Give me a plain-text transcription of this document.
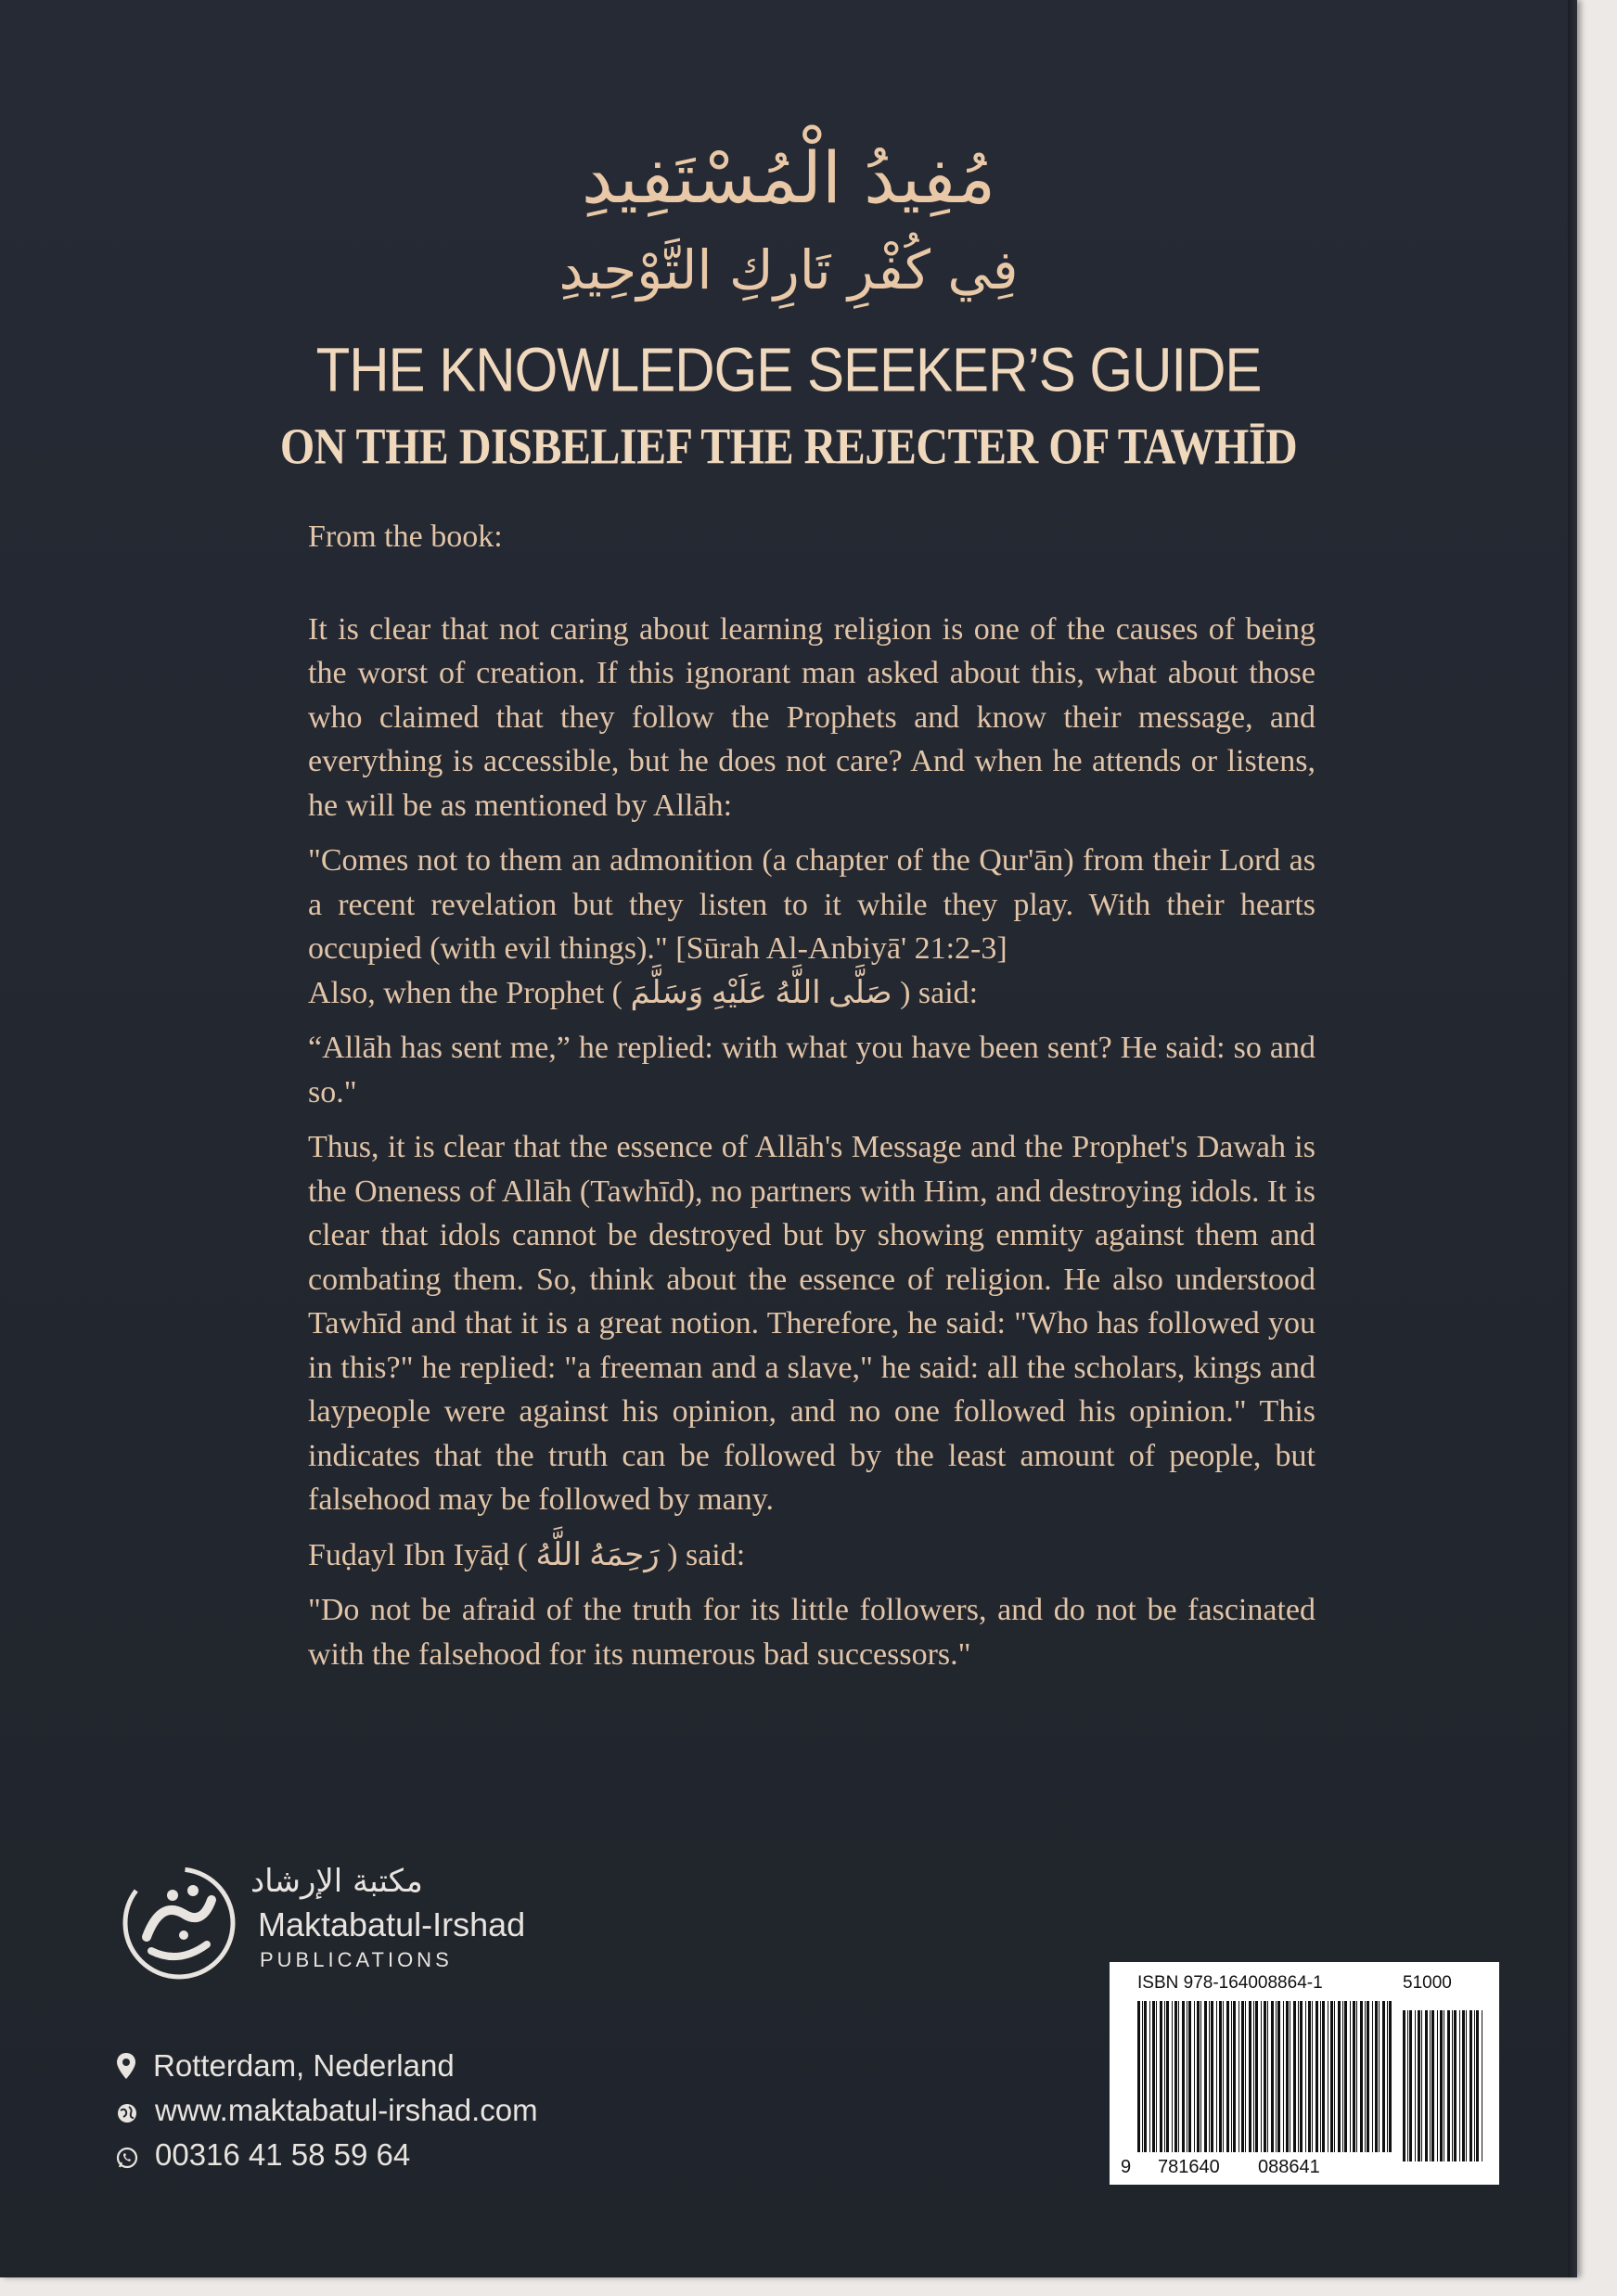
مُفِيدُ الْمُسْتَفِيدِ
فِي كُفْرِ تَارِكِ التَّوْحِيدِ
THE KNOWLEDGE SEEKER’S GUIDE
ON THE DISBELIEF THE REJECTER OF TAWHĪD

From the book:

It is clear that not caring about learning religion is one of the causes of being the worst of creation. If this ignorant man asked about this, what about those who claimed that they follow the Prophets and know their message, and everything is accessible, but he does not care? And when he attends or listens, he will be as mentioned by Allāh:

"Comes not to them an admonition (a chapter of the Qur'ān) from their Lord as a recent revelation but they listen to it while they play. With their hearts occupied (with evil things)." [Sūrah Al-Anbiyā' 21:2-3]

Also, when the Prophet ( صَلَّى اللَّهُ عَلَيْهِ وَسَلَّمَ ) said:

“Allāh has sent me,” he replied: with what you have been sent? He said: so and so."

Thus, it is clear that the essence of Allāh's Message and the Prophet's Dawah is the Oneness of Allāh (Tawhīd), no partners with Him, and destroying idols. It is clear that idols cannot be destroyed but by showing enmity against them and combating them. So, think about the essence of religion. He also understood Tawhīd and that it is a great notion. Therefore, he said: "Who has followed you in this?" he replied: "a freeman and a slave," he said: all the scholars, kings and laypeople were against his opinion, and no one followed his opinion." This indicates that the truth can be followed by the least amount of people, but falsehood may be followed by many.

Fuḍayl Ibn Iyāḍ ( رَحِمَهُ اللَّهُ ) said:

"Do not be afraid of the truth for its little followers, and do not be fascinated with the falsehood for its numerous bad successors."

مكتبة الإرشاد
Maktabatul-Irshad
PUBLICATIONS
Rotterdam, Nederland
www.maktabatul-irshad.com
00316 41 58 59 64
ISBN 978-164008864-1	51000
9 781640 088641
